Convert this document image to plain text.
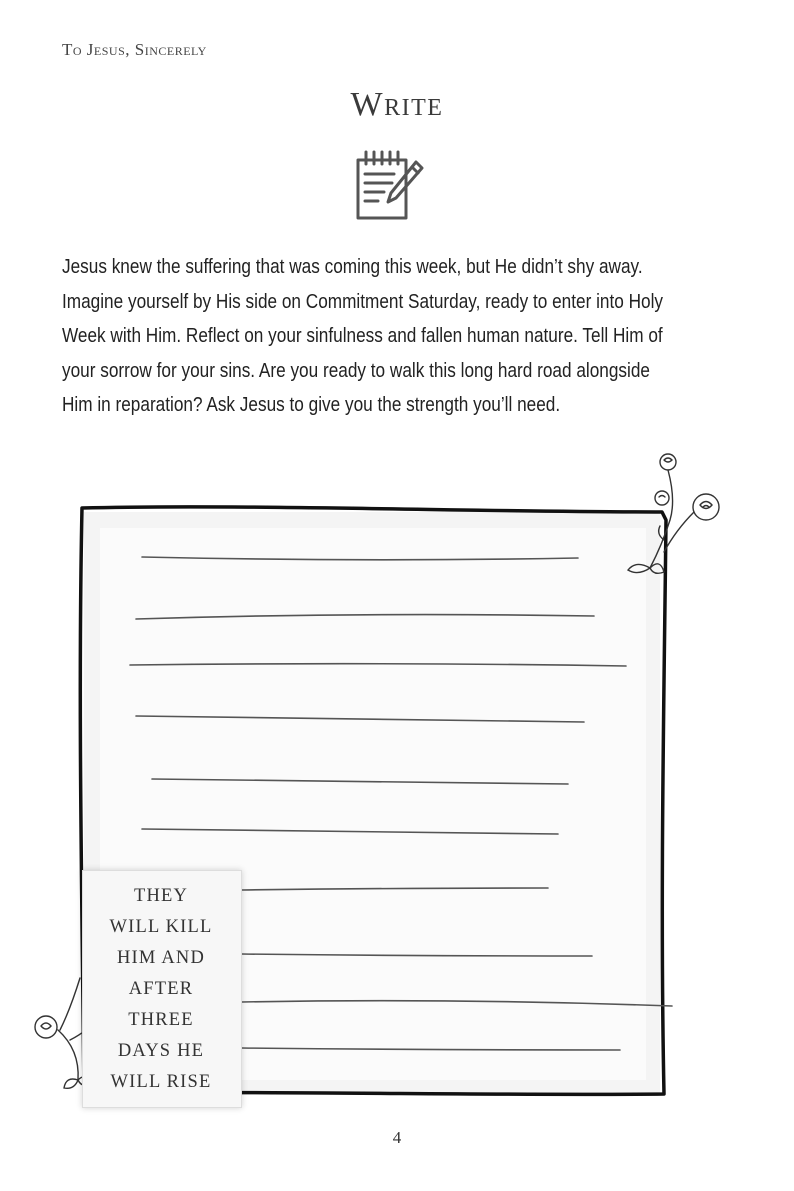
To Jesus, Sincerely
Write
Jesus knew the suffering that was coming this week, but He didn’t shy away.
Imagine yourself by His side on Commitment Saturday, ready to enter into Holy
Week with Him. Reflect on your sinfulness and fallen human nature. Tell Him of
your sorrow for your sins. Are you ready to walk this long hard road alongside
Him in reparation? Ask Jesus to give you the strength you’ll need.
THEY
WILL KILL
HIM AND
AFTER
THREE
DAYS HE
WILL RISE
4
